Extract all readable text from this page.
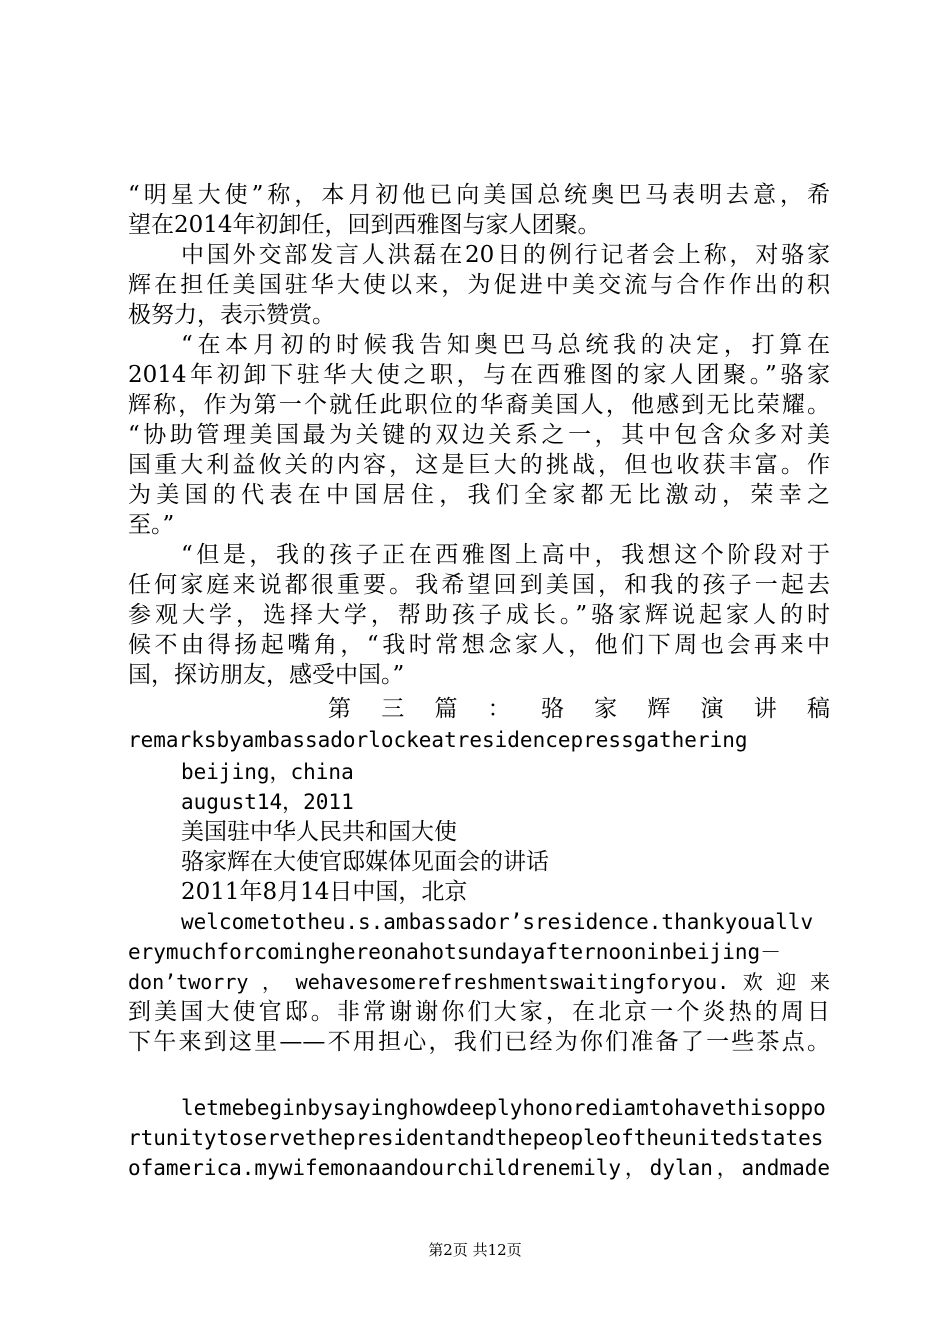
“明星大使”称，本月初他已向美国总统奥巴马表明去意，希
望在2014年初卸任，回到西雅图与家人团聚。
中国外交部发言人洪磊在20日的例行记者会上称，对骆家
辉在担任美国驻华大使以来，为促进中美交流与合作作出的积
极努力，表示赞赏。
“在本月初的时候我告知奥巴马总统我的决定，打算在
2014年初卸下驻华大使之职，与在西雅图的家人团聚。”骆家
辉称，作为第一个就任此职位的华裔美国人，他感到无比荣耀。
“协助管理美国最为关键的双边关系之一，其中包含众多对美
国重大利益攸关的内容，这是巨大的挑战，但也收获丰富。作
为美国的代表在中国居住，我们全家都无比激动，荣幸之
至。”
“但是，我的孩子正在西雅图上高中，我想这个阶段对于
任何家庭来说都很重要。我希望回到美国，和我的孩子一起去
参观大学，选择大学，帮助孩子成长。”骆家辉说起家人的时
候不由得扬起嘴角，“我时常想念家人，他们下周也会再来中
国，探访朋友，感受中国。”
第 三 篇 ： 骆 家 辉 演 讲 稿
remarksbyambassadorlockeatresidencepressgathering
beijing，china
august14，2011
美国驻中华人民共和国大使
骆家辉在大使官邸媒体见面会的讲话
2011年8月14日中国，北京
welcometotheu.s.ambassador’sresidence.thankyouallv
erymuchforcominghereonahotsundayafternooninbeijing－
don’tworry，wehavesomerefreshmentswaitingforyou.欢迎来
到美国大使官邸。非常谢谢你们大家，在北京一个炎热的周日
下午来到这里——不用担心，我们已经为你们准备了一些茶点。
letmebeginbysayinghowdeeplyhonorediamtohavethisoppo
rtunitytoservethepresidentandthepeopleoftheunitedstates
ofamerica.mywifemonaandourchildrenemily，dylan，andmade
第2页 共12页
